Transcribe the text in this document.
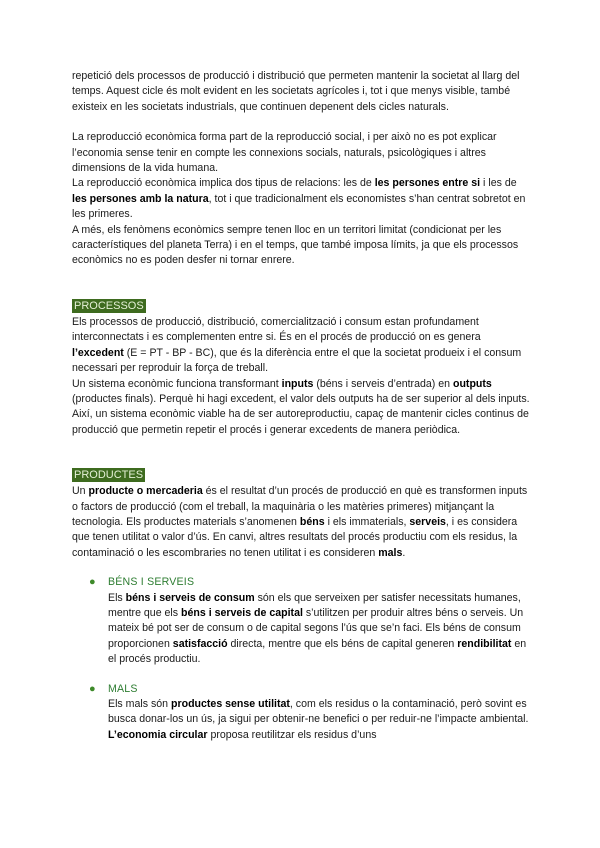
repetició dels processos de producció i distribució que permeten mantenir la societat al llarg del temps. Aquest cicle és molt evident en les societats agrícoles i, tot i que menys visible, també existeix en les societats industrials, que continuen depenent dels cicles naturals.

La reproducció econòmica forma part de la reproducció social, i per això no es pot explicar l’economia sense tenir en compte les connexions socials, naturals, psicològiques i altres dimensions de la vida humana.

La reproducció econòmica implica dos tipus de relacions: les de les persones entre si i les de les persones amb la natura, tot i que tradicionalment els economistes s’han centrat sobretot en les primeres.

A més, els fenòmens econòmics sempre tenen lloc en un territori limitat (condicionat per les característiques del planeta Terra) i en el temps, que també imposa límits, ja que els processos econòmics no es poden desfer ni tornar enrere.

PROCESSOS

Els processos de producció, distribució, comercialització i consum estan profundament interconnectats i es complementen entre si. És en el procés de producció on es genera l’excedent (E = PT - BP - BC), que és la diferència entre el que la societat produeix i el consum necessari per reproduir la força de treball.

Un sistema econòmic funciona transformant inputs (béns i serveis d’entrada) en outputs (productes finals). Perquè hi hagi excedent, el valor dels outputs ha de ser superior al dels inputs.

Així, un sistema econòmic viable ha de ser autoreproductiu, capaç de mantenir cicles continus de producció que permetin repetir el procés i generar excedents de manera periòdica.

PRODUCTES

Un producte o mercaderia és el resultat d’un procés de producció en què es transformen inputs o factors de producció (com el treball, la maquinària o les matèries primeres) mitjançant la tecnologia. Els productes materials s’anomenen béns i els immaterials, serveis, i es considera que tenen utilitat o valor d’ús. En canvi, altres resultats del procés productiu com els residus, la contaminació o les escombraries no tenen utilitat i es consideren mals.

● BÉNS I SERVEIS

Els béns i serveis de consum són els que serveixen per satisfer necessitats humanes, mentre que els béns i serveis de capital s’utilitzen per produir altres béns o serveis. Un mateix bé pot ser de consum o de capital segons l’ús que se’n faci. Els béns de consum proporcionen satisfacció directa, mentre que els béns de capital generen rendibilitat en el procés productiu.

● MALS

Els mals són productes sense utilitat, com els residus o la contaminació, però sovint es busca donar-los un ús, ja sigui per obtenir-ne benefici o per reduir-ne l’impacte ambiental. L’economia circular proposa reutilitzar els residus d’uns
